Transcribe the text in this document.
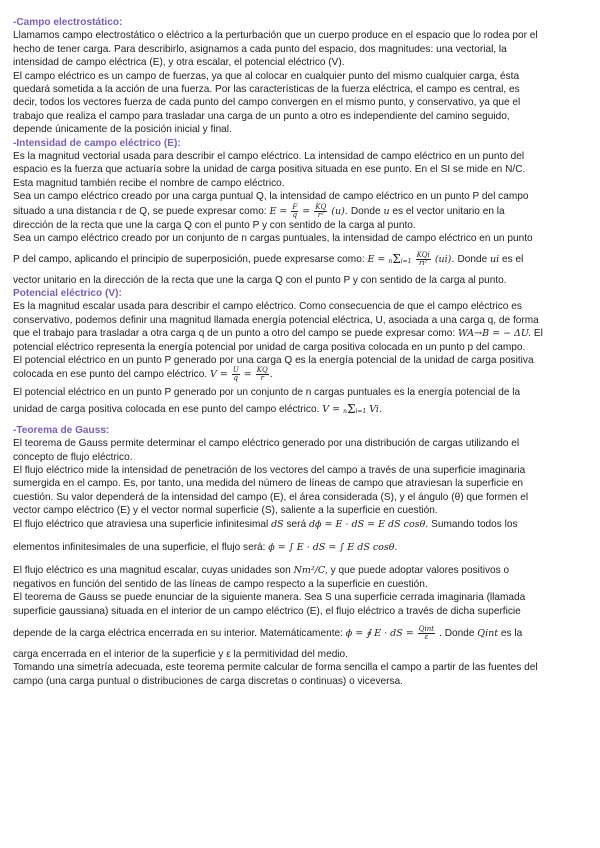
-Campo electrostático:
Llamamos campo electrostático o eléctrico a la perturbación que un cuerpo produce en el espacio que lo rodea por el
hecho de tener carga. Para describirlo, asignamos a cada punto del espacio, dos magnitudes: una vectorial, la
intensidad de campo eléctrica (E), y otra escalar, el potencial eléctrico (V).
El campo eléctrico es un campo de fuerzas, ya que al colocar en cualquier punto del mismo cualquier carga, ésta
quedará sometida a la acción de una fuerza. Por las características de la fuerza eléctrica, el campo es central, es
decir, todos los vectores fuerza de cada punto del campo convergen en el mismo punto, y conservativo, ya que el
trabajo que realiza el campo para trasladar una carga de un punto a otro es independiente del camino seguido,
depende únicamente de la posición inicial y final.
-Intensidad de campo eléctrico (E):
Es la magnitud vectorial usada para describir el campo eléctrico. La intensidad de campo eléctrico en un punto del
espacio es la fuerza que actuaría sobre la unidad de carga positiva situada en ese punto. En el SI se mide en N/C.
Esta magnitud también recibe el nombre de campo eléctrico.
Sea un campo eléctrico creado por una carga puntual Q, la intensidad de campo eléctrico en un punto P del campo
situado a una distancia r de Q, se puede expresar como: $E = \frac{F}{q} = \frac{KQ}{\text{r²}} (u)$. Donde u es el vector unitario en la
dirección de la recta que une la carga Q con el punto P y con sentido de la carga al punto.
Sea un campo eléctrico creado por un conjunto de n cargas puntuales, la intensidad de campo eléctrico en un punto
P del campo, aplicando el principio de superposición, puede expresarse como: $E = n\Sigma i=1 \frac{\text{KQi}}{\text{ri²}} (ui)$. Donde ui es el
vector unitario en la dirección de la recta que une la carga Q con el punto P y con sentido de la carga al punto.
Potencial eléctrico (V):
Es la magnitud escalar usada para describir el campo eléctrico. Como consecuencia de que el campo eléctrico es
conservativo, podemos definir una magnitud llamada energía potencial eléctrica, U, asociada a una carga q, de forma
que el trabajo para trasladar a otra carga q de un punto a otro del campo se puede expresar como: WA→B = − ΔU. El
potencial eléctrico representa la energía potencial por unidad de carga positiva colocada en un punto p del campo.
El potencial eléctrico en un punto P generado por una carga Q es la energía potencial de la unidad de carga positiva
colocada en ese punto del campo eléctrico. $V = \frac{U}{q} = \frac{KQ}{r}$ .
El potencial eléctrico en un punto P generado por un conjunto de n cargas puntuales es la energía potencial de la
unidad de carga positiva colocada en ese punto del campo eléctrico. V = nΣi=1 Vi.
-Teorema de Gauss:
El teorema de Gauss permite determinar el campo eléctrico generado por una distribución de cargas utilizando el
concepto de flujo eléctrico.
El flujo eléctrico mide la intensidad de penetración de los vectores del campo a través de una superficie imaginaria
sumergida en el campo. Es, por tanto, una medida del número de líneas de campo que atraviesan la superficie en
cuestión. Su valor dependerá de la intensidad del campo (E), el área considerada (S), y el ángulo (θ) que formen el
vector campo eléctrico (E) y el vector normal superficie (S), saliente a la superficie en cuestión.
El flujo eléctrico que atraviesa una superficie infinitesimal dS será dϕ = E · dS = E dS cosθ. Sumando todos los
elementos infinitesimales de una superficie, el flujo será: ϕ = ∫ E · dS = ∫ E dS cosθ.
El flujo eléctrico es una magnitud escalar, cuyas unidades son Nm²/C, y que puede adoptar valores positivos o
negativos en función del sentido de las líneas de campo respecto a la superficie en cuestión.
El teorema de Gauss se puede enunciar de la siguiente manera. Sea S una superficie cerrada imaginaria (llamada
superficie gaussiana) situada en el interior de un campo eléctrico (E), el flujo eléctrico a través de dicha superficie
depende de la carga eléctrica encerrada en su interior. Matemáticamente: ϕ = ∮ E · dS = $\frac{\text{Qint}}{\varepsilon}$ . Donde Qint es la
carga encerrada en el interior de la superficie y ε la permitividad del medio.
Tomando una simetría adecuada, este teorema permite calcular de forma sencilla el campo a partir de las fuentes del
campo (una carga puntual o distribuciones de carga discretas o continuas) o viceversa.
